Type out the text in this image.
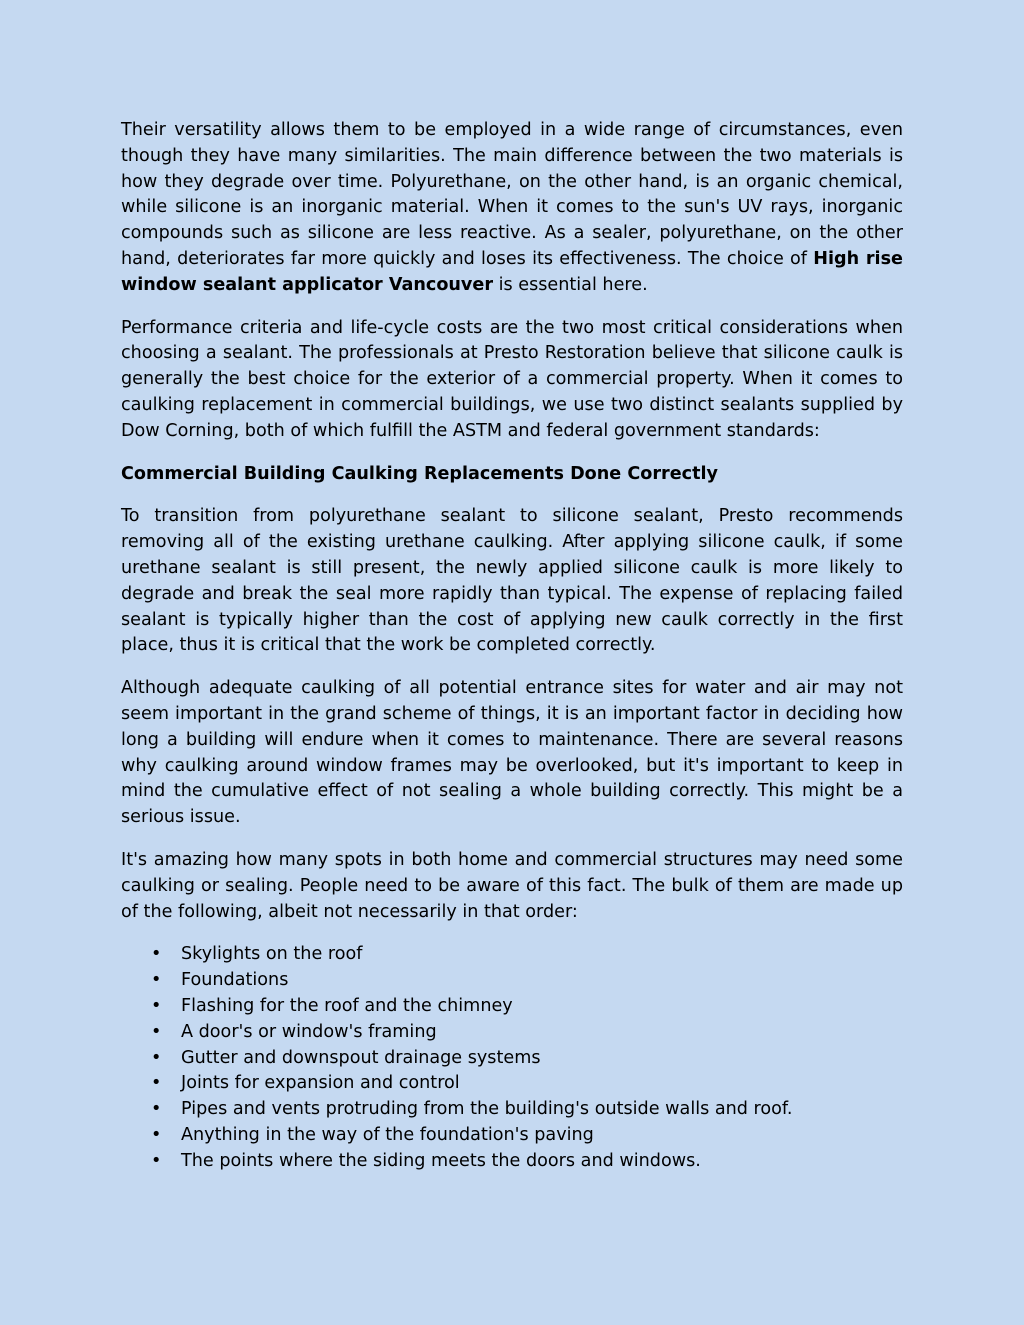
Their versatility allows them to be employed in a wide range of circumstances, even though they have many similarities. The main difference between the two materials is how they degrade over time. Polyurethane, on the other hand, is an organic chemical, while silicone is an inorganic material. When it comes to the sun's UV rays, inorganic compounds such as silicone are less reactive. As a sealer, polyurethane, on the other hand, deteriorates far more quickly and loses its effectiveness. The choice of High rise window sealant applicator Vancouver is essential here.

Performance criteria and life-cycle costs are the two most critical considerations when choosing a sealant. The professionals at Presto Restoration believe that silicone caulk is generally the best choice for the exterior of a commercial property. When it comes to caulking replacement in commercial buildings, we use two distinct sealants supplied by Dow Corning, both of which fulfill the ASTM and federal government standards:

Commercial Building Caulking Replacements Done Correctly

To transition from polyurethane sealant to silicone sealant, Presto recommends removing all of the existing urethane caulking. After applying silicone caulk, if some urethane sealant is still present, the newly applied silicone caulk is more likely to degrade and break the seal more rapidly than typical. The expense of replacing failed sealant is typically higher than the cost of applying new caulk correctly in the first place, thus it is critical that the work be completed correctly.

Although adequate caulking of all potential entrance sites for water and air may not seem important in the grand scheme of things, it is an important factor in deciding how long a building will endure when it comes to maintenance. There are several reasons why caulking around window frames may be overlooked, but it's important to keep in mind the cumulative effect of not sealing a whole building correctly. This might be a serious issue.

It's amazing how many spots in both home and commercial structures may need some caulking or sealing. People need to be aware of this fact. The bulk of them are made up of the following, albeit not necessarily in that order:

• Skylights on the roof
• Foundations
• Flashing for the roof and the chimney
• A door's or window's framing
• Gutter and downspout drainage systems
• Joints for expansion and control
• Pipes and vents protruding from the building's outside walls and roof.
• Anything in the way of the foundation's paving
• The points where the siding meets the doors and windows.
